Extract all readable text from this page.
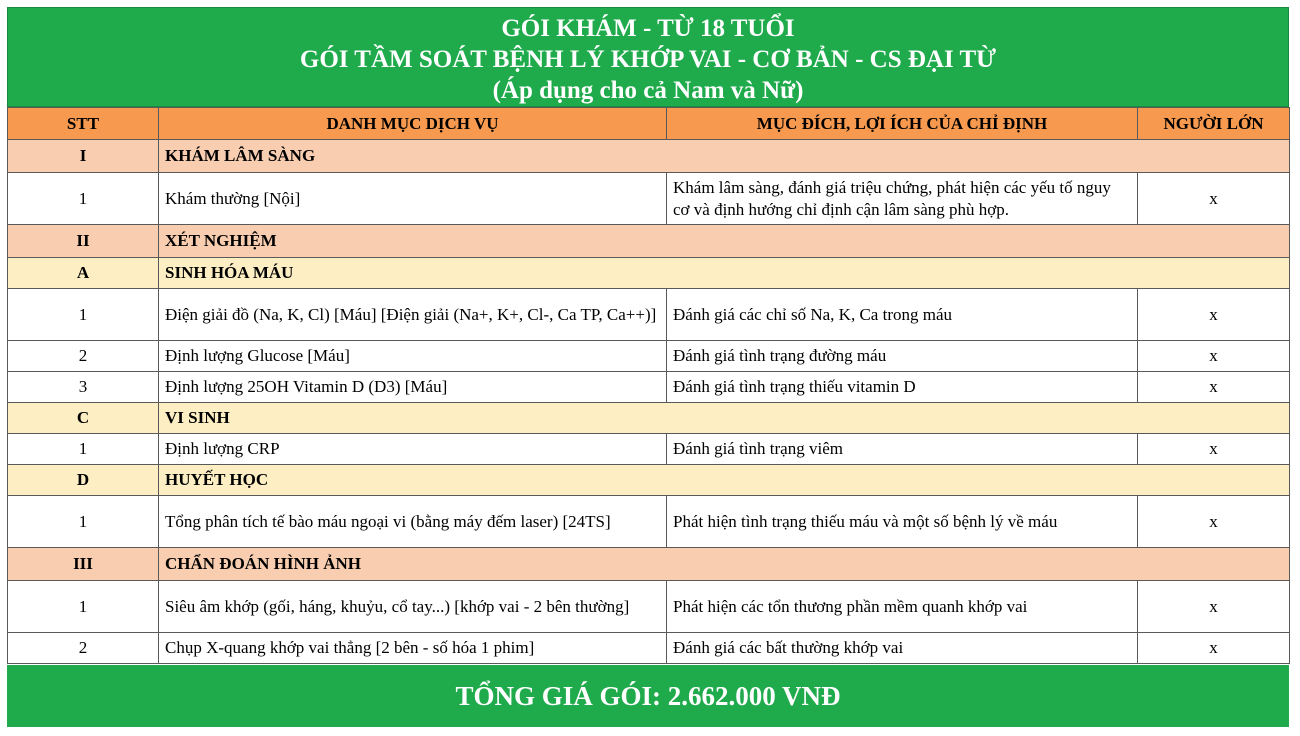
GÓI KHÁM - TỪ 18 TUỔI
GÓI TẦM SOÁT BỆNH LÝ KHỚP VAI - CƠ BẢN - CS ĐẠI TỪ
(Áp dụng cho cả Nam và Nữ)
STT	DANH MỤC DỊCH VỤ	MỤC ĐÍCH, LỢI ÍCH CỦA CHỈ ĐỊNH	NGƯỜI LỚN
I	KHÁM LÂM SÀNG		
1	Khám thường [Nội]	Khám lâm sàng, đánh giá triệu chứng, phát hiện các yếu tố nguy cơ và định hướng chỉ định cận lâm sàng phù hợp.	x
II	XÉT NGHIỆM		
A	SINH HÓA MÁU		
1	Điện giải đồ (Na, K, Cl) [Máu] [Điện giải (Na+, K+, Cl-, Ca TP, Ca++)]	Đánh giá các chỉ số Na, K, Ca trong máu	x
2	Định lượng Glucose [Máu]	Đánh giá tình trạng đường máu	x
3	Định lượng 25OH Vitamin D (D3) [Máu]	Đánh giá tình trạng thiếu vitamin D	x
C	VI SINH		
1	Định lượng CRP	Đánh giá tình trạng viêm	x
D	HUYẾT HỌC		
1	Tổng phân tích tế bào máu ngoại vi (bằng máy đếm laser) [24TS]	Phát hiện tình trạng thiếu máu và một số bệnh lý về máu	x
III	CHẨN ĐOÁN HÌNH ẢNH		
1	Siêu âm khớp (gối, háng, khuỷu, cổ tay...) [khớp vai - 2 bên thường]	Phát hiện các tổn thương phần mềm quanh khớp vai	x
2	Chụp X-quang khớp vai thẳng [2 bên - số hóa 1 phim]	Đánh giá các bất thường khớp vai	x
TỔNG GIÁ GÓI: 2.662.000 VNĐ
